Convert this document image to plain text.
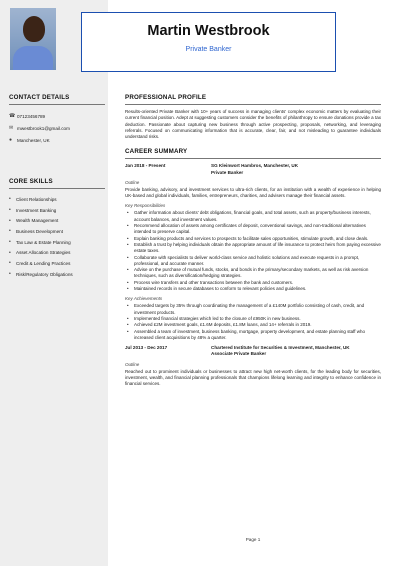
CONTACT DETAILS
☎ 07123456789
✉ mwestbrook1@gmail.com
●	Manchester, UK
CORE SKILLS
•	Client Relationships
•	Investment Banking
•	Wealth Management
•	Business Development
•	Tax Law & Estate Planning
•	Asset Allocation Strategies
•	Credit & Lending Practices
•	Risk/Regulatory Obligations
Martin Westbrook
Private Banker
PROFESSIONAL PROFILE
Results-oriented Private Banker with 10+ years of success in managing clients' complex economic matters by evaluating their current financial position. Adept at suggesting customers consider the benefits of philanthropy to ensure donations provide a tax deduction. Passionate about capturing new business through active prospecting, proposals, networking, and leveraging referrals. Focused on communicating information that is accurate, clear, fair, and not misleading to guarantee individuals understand risks.
CAREER SUMMARY
Jan 2018 - Present	SG Kleinwort Hambros, Manchester, UK
Private Banker
Outline
Provide banking, advisory, and investment services to ultra-rich clients, for an institution with a wealth of experience in helping UK-based and global individuals, families, entrepreneurs, charities, and advisers manage their financial assets.
Key Responsibilities
• Gather information about clients' debt obligations, financial goals, and total assets, such as property/business interests, account balances, and investment values.
• Recommend allocation of assets among certificates of deposit, conventional savings, and non-traditional alternatives intended to preserve capital.
• Explain banking products and services to prospects to facilitate sales opportunities, stimulate growth, and close deals.
• Establish a trust by helping individuals obtain the appropriate amount of life insurance to protect heirs from paying excessive estate taxes.
• Collaborate with specialists to deliver world-class service and holistic solutions and execute requests in a prompt, professional, and accurate manner.
• Advise on the purchase of mutual funds, stocks, and bonds in the primary/secondary markets, as well as risk aversion techniques, such as diversification/hedging strategies.
• Process wire transfers and other transactions between the bank and customers.
• Maintained records in secure databases to conform to relevant policies and guidelines.
Key Achievements
• Exceeded targets by 35% through coordinating the management of a £140M portfolio consisting of cash, credit, and investment products.
• Implemented financial strategies which led to the closure of £950K in new business.
• Achieved £2M investment goals, £1.6M deposits, £1.8M loans, and 14+ referrals in 2019.
• Assembled a team of investment, business banking, mortgage, property development, and estate planning staff who increased client acquisitions by 48% a quarter.
Jul 2013 - Dec 2017	Chartered Institute for Securities & Investment, Manchester, UK
Associate Private Banker
Outline
Reached out to prominent individuals or businesses to attract new high net-worth clients, for the leading body for securities, investment, wealth, and financial planning professionals that champions lifelong learning and integrity to enhance confidence in financial services.
Page 1
